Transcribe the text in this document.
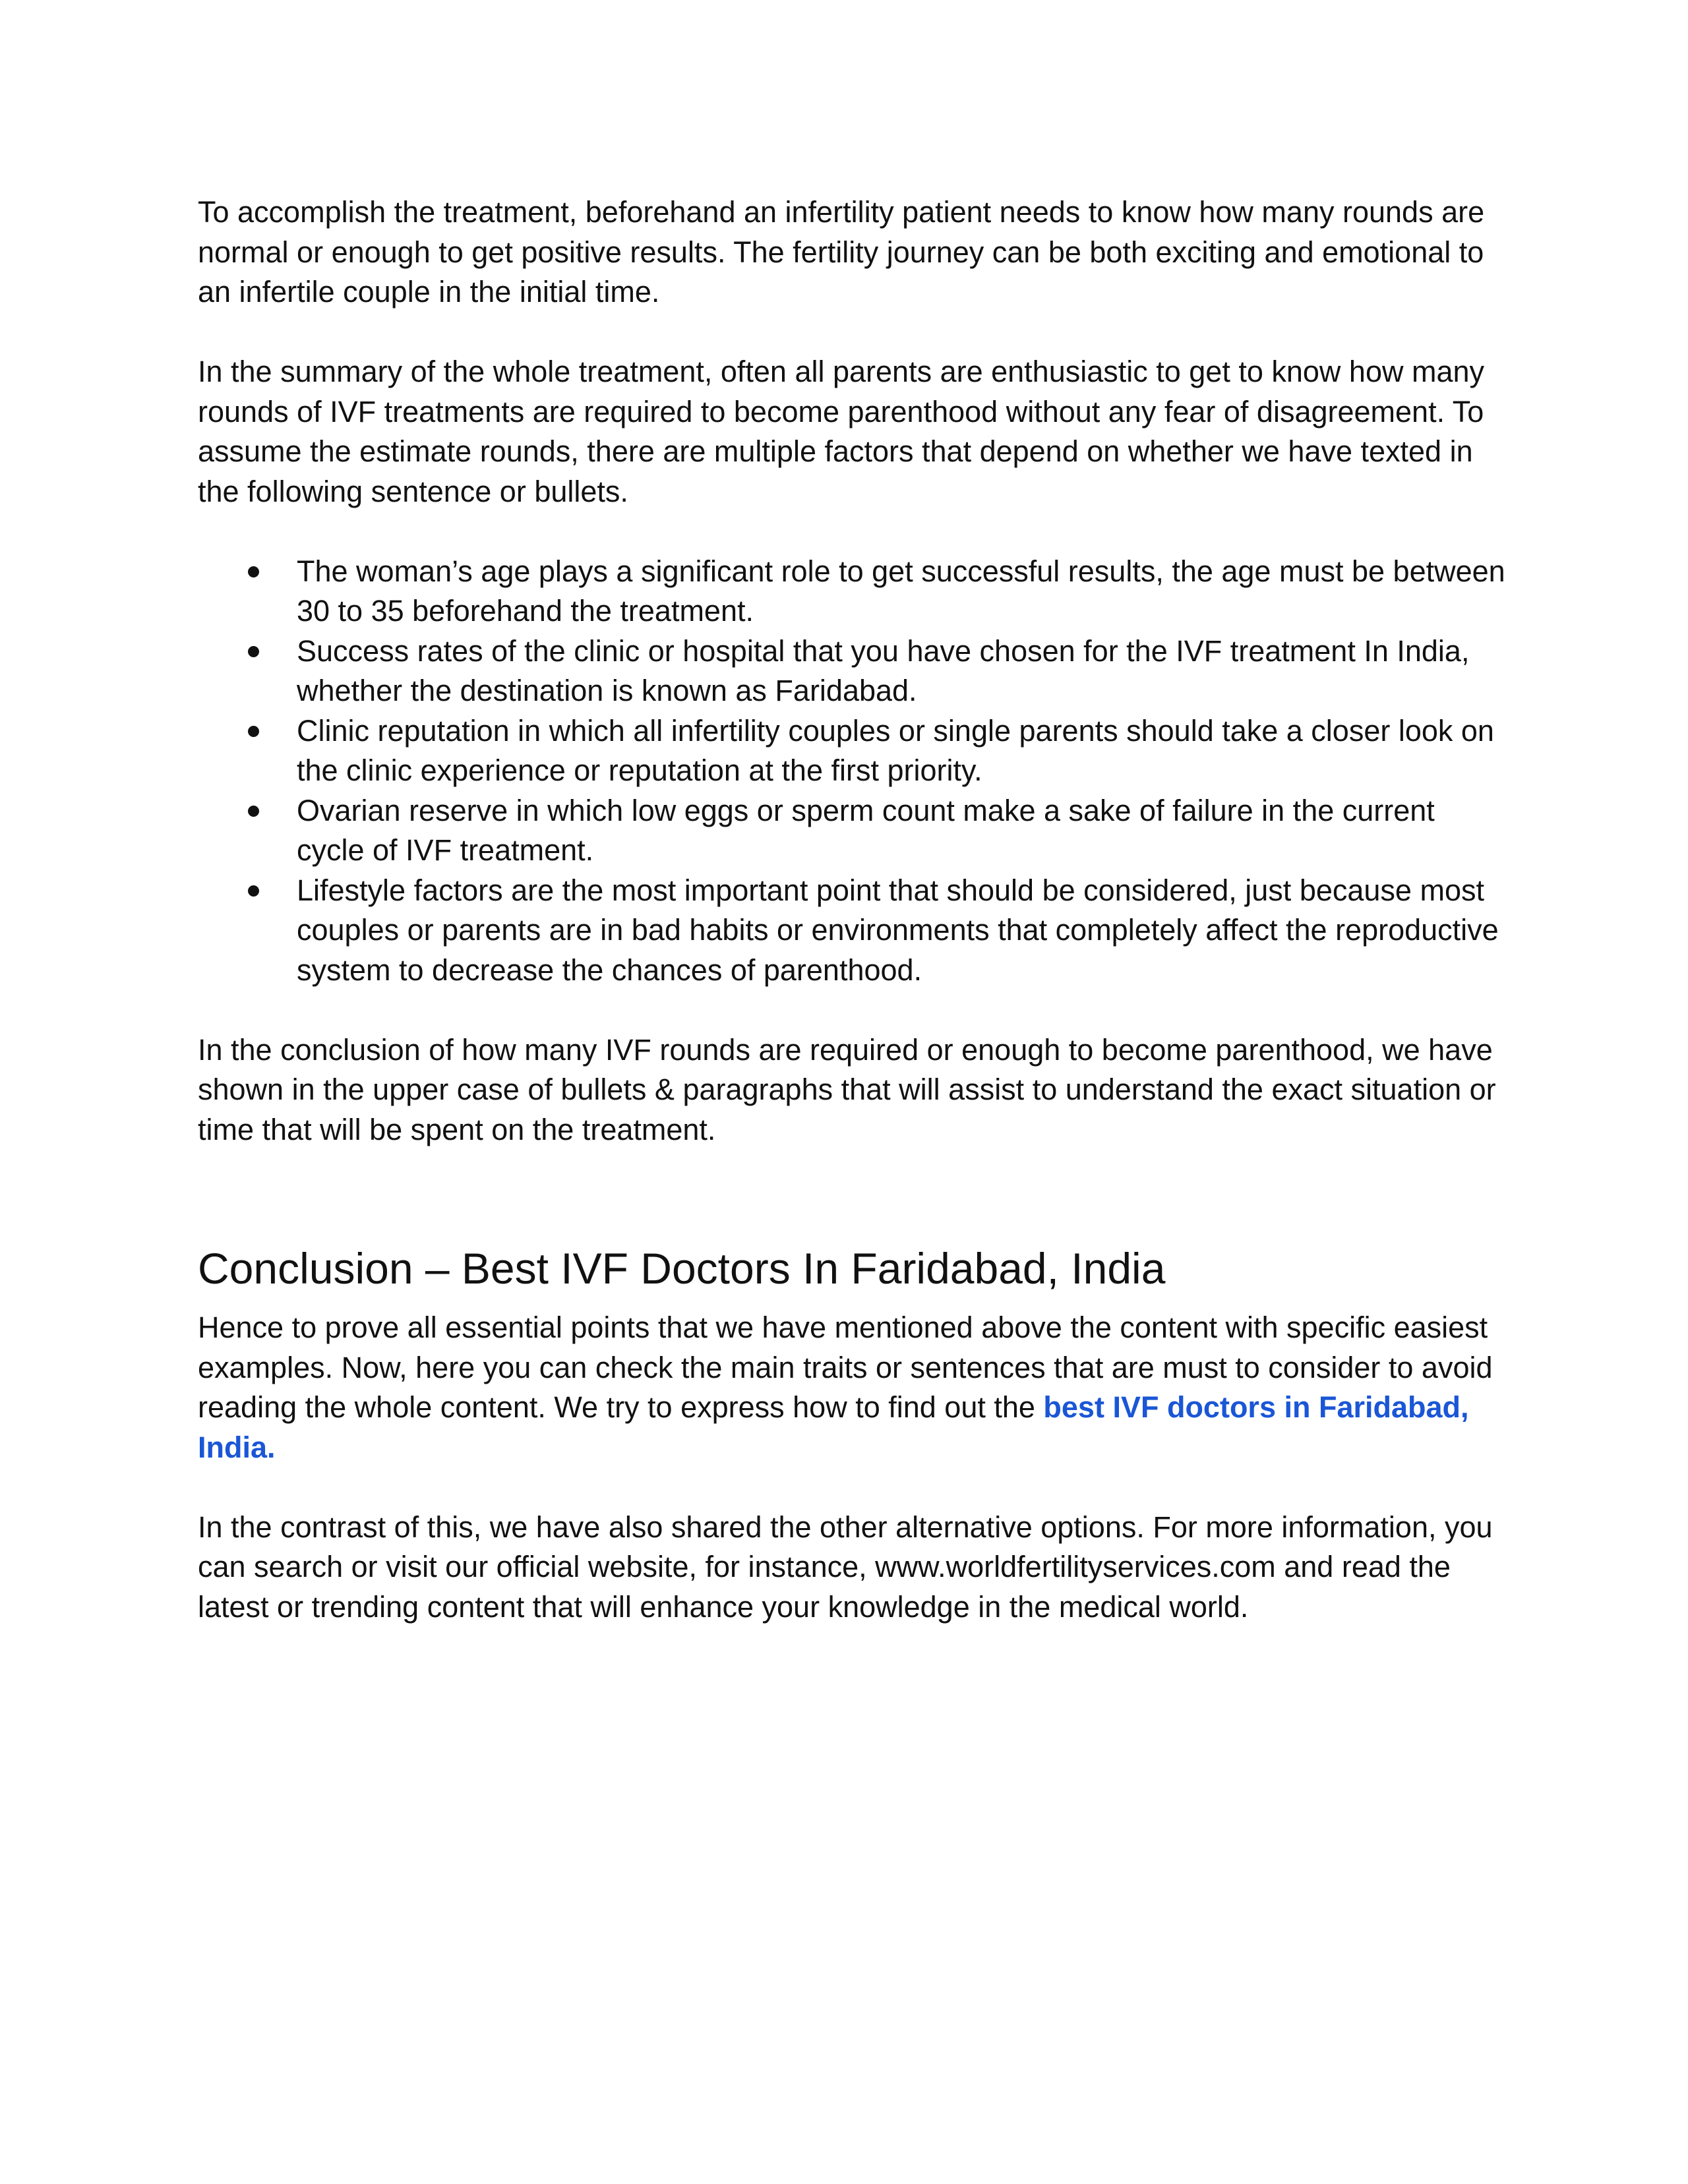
To accomplish the treatment, beforehand an infertility patient needs to know how many rounds are normal or enough to get positive results. The fertility journey can be both exciting and emotional to an infertile couple in the initial time.

In the summary of the whole treatment, often all parents are enthusiastic to get to know how many rounds of IVF treatments are required to become parenthood without any fear of disagreement. To assume the estimate rounds, there are multiple factors that depend on whether we have texted in the following sentence or bullets.

The woman’s age plays a significant role to get successful results, the age must be between 30 to 35 beforehand the treatment.
Success rates of the clinic or hospital that you have chosen for the IVF treatment In India, whether the destination is known as Faridabad.
Clinic reputation in which all infertility couples or single parents should take a closer look on the clinic experience or reputation at the first priority.
Ovarian reserve in which low eggs or sperm count make a sake of failure in the current cycle of IVF treatment.
Lifestyle factors are the most important point that should be considered, just because most couples or parents are in bad habits or environments that completely affect the reproductive system to decrease the chances of parenthood.

In the conclusion of how many IVF rounds are required or enough to become parenthood, we have shown in the upper case of bullets & paragraphs that will assist to understand the exact situation or time that will be spent on the treatment.

Conclusion – Best IVF Doctors In Faridabad, India

Hence to prove all essential points that we have mentioned above the content with specific easiest examples. Now, here you can check the main traits or sentences that are must to consider to avoid reading the whole content. We try to express how to find out the best IVF doctors in Faridabad, India.

In the contrast of this, we have also shared the other alternative options. For more information, you can search or visit our official website, for instance, www.worldfertilityservices.com and read the latest or trending content that will enhance your knowledge in the medical world.
